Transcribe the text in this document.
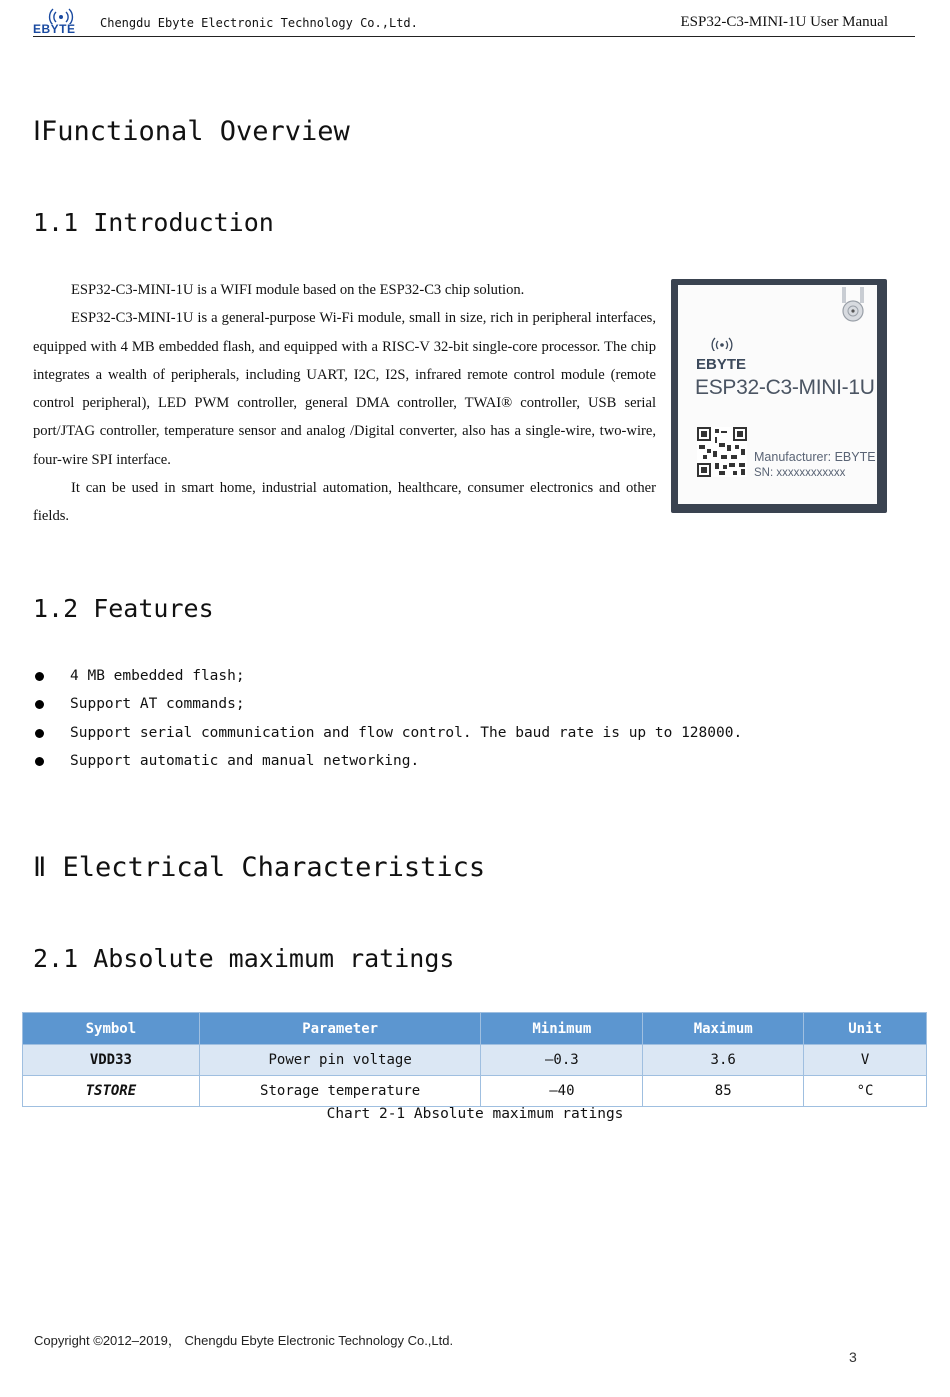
EBYTE Chengdu Ebyte Electronic Technology Co.,Ltd.	ESP32-C3-MINI-1U User Manual
ⅠFunctional Overview
1.1 Introduction

ESP32-C3-MINI-1U is a WIFI module based on the ESP32-C3 chip solution.

ESP32-C3-MINI-1U is a general-purpose Wi-Fi module, small in size, rich in peripheral interfaces, equipped with 4 MB embedded flash, and equipped with a RISC-V 32-bit single-core processor. The chip integrates a wealth of peripherals, including UART, I2C, I2S, infrared remote control module (remote control peripheral), LED PWM controller, general DMA controller, TWAI® controller, USB serial port/JTAG controller, temperature sensor and analog /Digital converter, also has a single-wire, two-wire, four-wire SPI interface.

It can be used in smart home, industrial automation, healthcare, consumer electronics and other fields.

EBYTE
ESP32-C3-MINI-1U
Manufacturer: EBYTE
SN: xxxxxxxxxxxx
1.2 Features
4 MB embedded flash;
Support AT commands;
Support serial communication and flow control. The baud rate is up to 128000.
Support automatic and manual networking.
Ⅱ Electrical Characteristics
2.1 Absolute maximum ratings
Symbol	Parameter	Minimum	Maximum	Unit
VDD33	Power pin voltage	–0.3	3.6	V
TSTORE	Storage temperature	–40	85	°C
Chart 2-1 Absolute maximum ratings
Copyright ©2012–2019， Chengdu Ebyte Electronic Technology Co.,Ltd.
3
